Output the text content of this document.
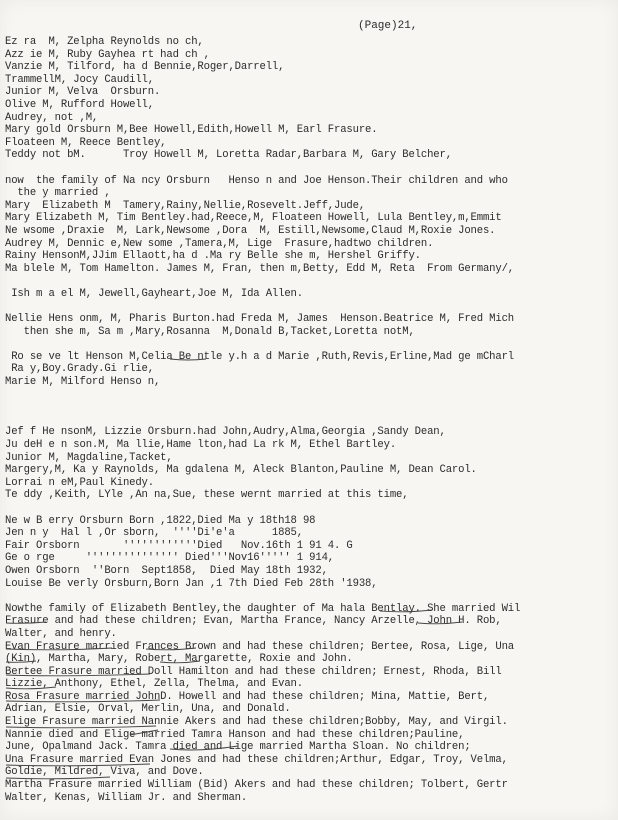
(Page)21,
Ez ra  M, Zelpha Reynolds no ch,
Azz ie M, Ruby Gayhea rt had ch ,
Vanzie M, Tilford, ha d Bennie,Roger,Darrell,
TrammellM, Jocy Caudill,
Junior M, Velva  Orsburn.
Olive M, Rufford Howell,
Audrey, not ,M,
Mary gold Orsburn M,Bee Howell,Edith,Howell M, Earl Frasure.
Floateen M, Reece Bentley,
Teddy not bM.      Troy Howell M, Loretta Radar,Barbara M, Gary Belcher,
now  the family of Na ncy Orsburn   Henso n and Joe Henson.Their children and who
the y married ,
Mary  Elizabeth M  Tamery,Rainy,Nellie,Rosevelt.Jeff,Jude,
Mary Elizabeth M, Tim Bentley.had,Reece,M, Floateen Howell, Lula Bentley,m,Emmit
Ne wsome ,Draxie  M, Lark,Newsome ,Dora  M, Estill,Newsome,Claud M,Roxie Jones.
Audrey M, Dennic e,New some ,Tamera,M, Lige  Frasure,hadtwo children.
Rainy HensonM,JJim Ellaott,ha d .Ma ry Belle she m, Hershel Griffy.
Ma blele M, Tom Hamelton. James M, Fran, then m,Betty, Edd M, Reta  From Germany/,
Ish m a el M, Jewell,Gayheart,Joe M, Ida Allen.
Nellie Hens onm, M, Pharis Burton.had Freda M, James  Henson.Beatrice M, Fred Mich
then she m, Sa m ,Mary,Rosanna  M,Donald B,Tacket,Loretta notM,
Ro se ve lt Henson M,Celia Be ntle y.h a d Marie ,Ruth,Revis,Erline,Mad ge mCharl
Ra y,Boy.Grady.Gi rlie,
Marie M, Milford Henso n,
Jef f He nsonM, Lizzie Orsburn.had John,Audry,Alma,Georgia ,Sandy Dean,
Ju deH e n son.M, Ma llie,Hame lton,had La rk M, Ethel Bartley.
Junior M, Magdaline,Tacket,
Margery,M, Ka y Raynolds, Ma gdalena M, Aleck Blanton,Pauline M, Dean Carol.
Lorrai n eM,Paul Kinedy.
Te ddy ,Keith, LYle ,An na,Sue, these wernt married at this time,
Ne w B erry Orsburn Born ,1822,Died Ma y 18th18 98
Jen n y  Hal l ,Or sborn,  ''''Di'e'a      1885,
Fair Orsborn       ''''''''''''Died   Nov.16th 1 91 4. G
Ge o rge     ''''''''''''''' Died'''Nov16''''' 1 914,
Owen Orsborn  ''Born  Sept1858,  Died May 18th 1932,
Louise Be verly Orsburn,Born Jan ,1 7th Died Feb 28th '1938,
Nowthe family of Elizabeth Bentley,the daughter of Ma hala Bentlay. She married Wil
Frasure and had these children; Evan, Martha France, Nancy Arzelle, John H. Rob,
Walter, and henry.
Evan Frasure married Frances Brown and had these children; Bertee, Rosa, Lige, Una
(Kin), Martha, Mary, Robert, Margarette, Roxie and John.
Bertee Frasure married Doll Hamilton and had these children; Ernest, Rhoda, Bill
Lizzie, Anthony, Ethel, Zella, Thelma, and Evan.
Rosa Frasure married JohnD. Howell and had these children; Mina, Mattie, Bert,
Adrian, Elsie, Orval, Merlin, Una, and Donald.
Elige Frasure married Nannie Akers and had these children;Bobby, May, and Virgil.
Nannie died and Elige married Tamra Hanson and had these children;Pauline,
June, Opalmand Jack. Tamra died and Lige married Martha Sloan. No children;
Una Frasure married Evan Jones and had these children;Arthur, Edgar, Troy, Velma,
Goldie, Mildred, Viva, and Dove.
Martha Frasure married William (Bid) Akers and had these children; Tolbert, Gertr
Walter, Kenas, William Jr. and Sherman.
